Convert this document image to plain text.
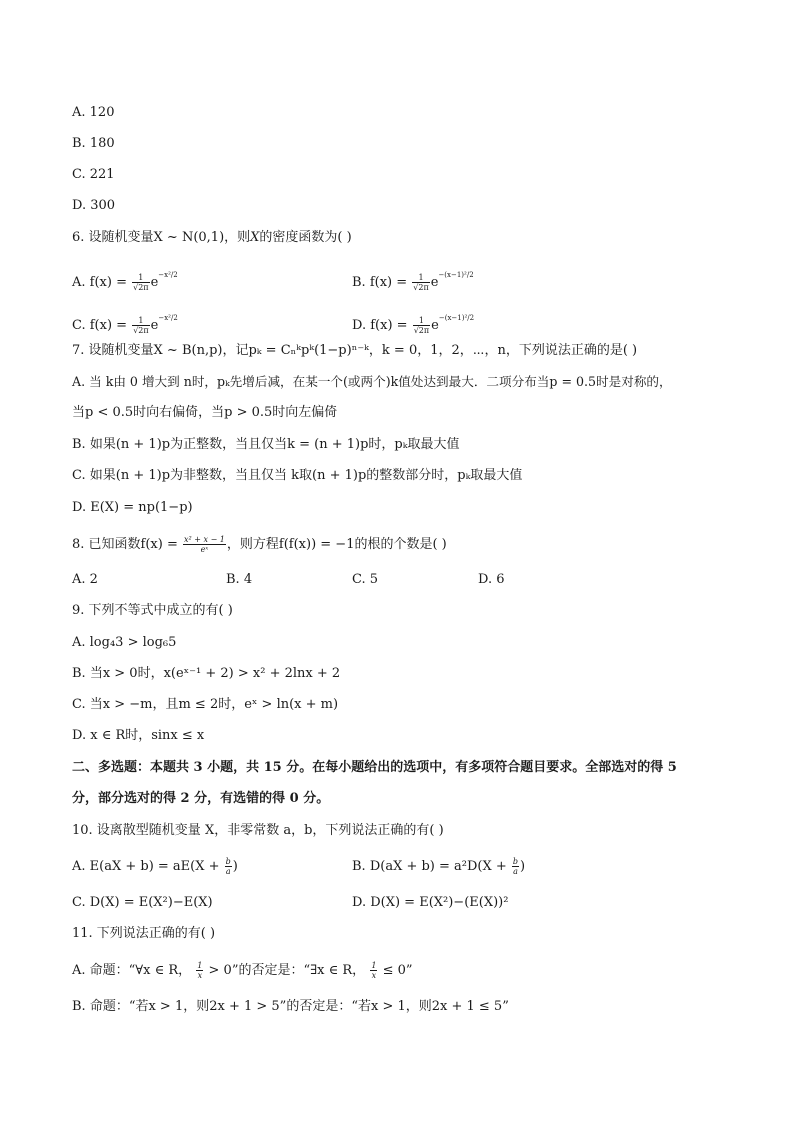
A. 120
B. 180
C. 221
D. 300
6. 设随机变量X ~ N(0,1)，则X的密度函数为( )
A. $f(x) = \frac{1}{√2\pi} e^{-x^2/2}$	B. $f(x) = \frac{1}{√2\pi} e^{-(x-1)^2/2}$
C. $f(x) = \frac{1}{√2\pi} e^{-x^2/2}$	D. $f(x) = \frac{1}{√2\pi} e^{-(x-1)^2/2}$
7. 设随机变量X ~ B(n,p)，记pₖ = Cₙᵏpᵏ(1−p)ⁿ⁻ᵏ，k = 0，1，2，⋯，n，下列说法正确的是( )
A. 当 k由 0 增大到 n时，pₖ先增后减，在某一个(或两个)k值处达到最大．二项分布当p = 0.5时是对称的，
当p < 0.5时向右偏倚，当p > 0.5时向左偏倚
B. 如果(n + 1)p为正整数，当且仅当k = (n + 1)p时，pₖ取最大值
C. 如果(n + 1)p为非整数，当且仅当 k取(n + 1)p的整数部分时，pₖ取最大值
D. E(X) = np(1−p)
8. 已知函数$f(x) = \frac{\text{x² + x − 1}}{\text{eˣ}}$ ，则方程f(f(x)) = −1的根的个数是( )
A. 2	B. 4	C. 5	D. 6
9. 下列不等式中成立的有( )
A. log₄3 > log₆5
B. 当x > 0时，x(eˣ⁻¹ + 2) > x² + 2lnx + 2
C. 当x > −m，且m ≤ 2时，eˣ > ln(x + m)
D. x ∈ R时，sinx ≤ x
二、多选题：本题共 3 小题，共 15 分。在每小题给出的选项中，有多项符合题目要求。全部选对的得 5
分，部分选对的得 2 分，有选错的得 0 分。
10. 设离散型随机变量 X，非零常数 a，b，下列说法正确的有( )
A. $E(aX + b) = aE(X + \frac{b}{a}$ )	B. $D(aX + b) = a^2D(X + \frac{b}{a}$ )
C. D(X) = E(X²)−E(X)	D. D(X) = E(X²)−(E(X))²
11. 下列说法正确的有( )
A. 命题：“∀x ∈ R， $\frac{1}{x} > 0$”的否定是：“∃x ∈ R， $\frac{1}{x} \le 0$”
B. 命题：“若x > 1，则2x + 1 > 5”的否定是：“若x > 1，则2x + 1 ≤ 5”
